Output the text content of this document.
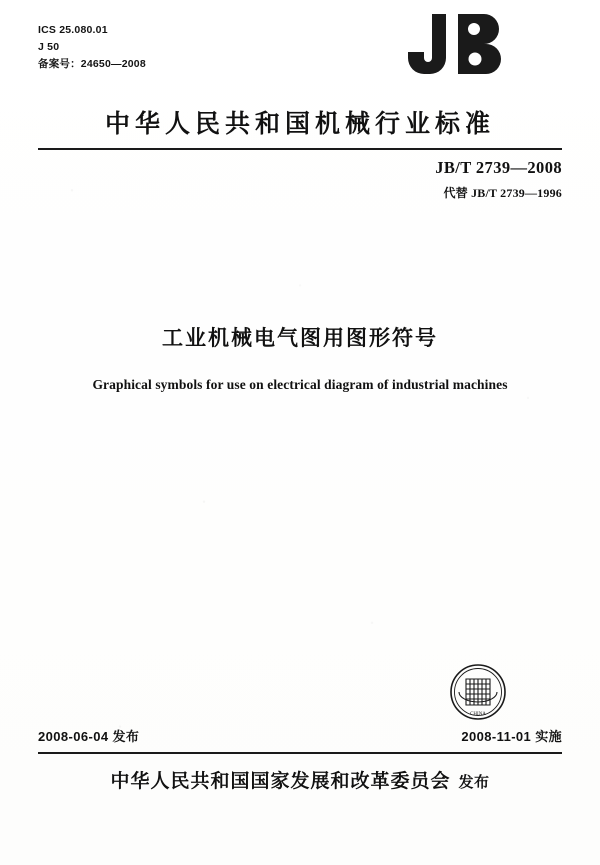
ICS 25.080.01
J 50
备案号：24650—2008
中华人民共和国机械行业标准
JB/T 2739—2008
代替 JB/T 2739—1996
工业机械电气图用图形符号
Graphical symbols for use on electrical diagram of industrial machines
CHINA
2008-06-04 发布	2008-11-01 实施
中华人民共和国国家发展和改革委员会 发布
